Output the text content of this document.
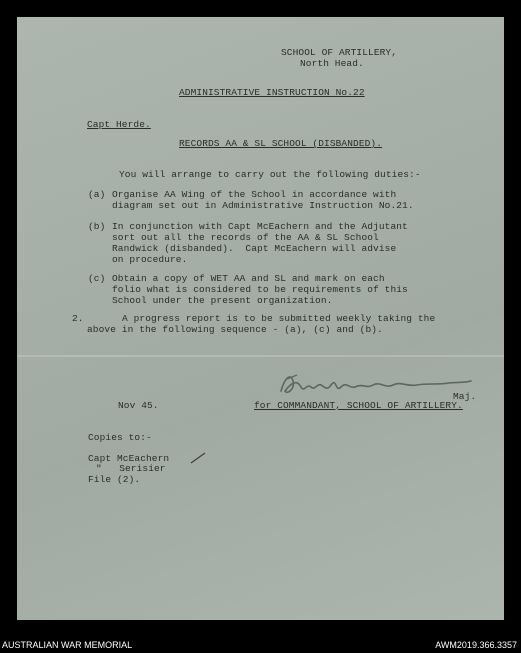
SCHOOL OF ARTILLERY,
North Head.
ADMINISTRATIVE INSTRUCTION No.22
Capt Herde.
RECORDS AA & SL SCHOOL (DISBANDED).
You will arrange to carry out the following duties:-
(a) Organise AA Wing of the School in accordance with
diagram set out in Administrative Instruction No.21.
(b) In conjunction with Capt McEachern and the Adjutant
sort out all the records of the AA & SL School
Randwick (disbanded).  Capt McEachern will advise
on procedure.
(c) Obtain a copy of WET AA and SL and mark on each
folio what is considered to be requirements of this
School under the present organization.
2.	A progress report is to be submitted weekly taking the
above in the following sequence - (a), (c) and (b).
Maj.
Nov 45.	for COMMANDANT, SCHOOL OF ARTILLERY.
Copies to:-
Capt McEachern
"   Serisier
File (2).
AUSTRALIAN WAR MEMORIAL	AWM2019.366.3357
